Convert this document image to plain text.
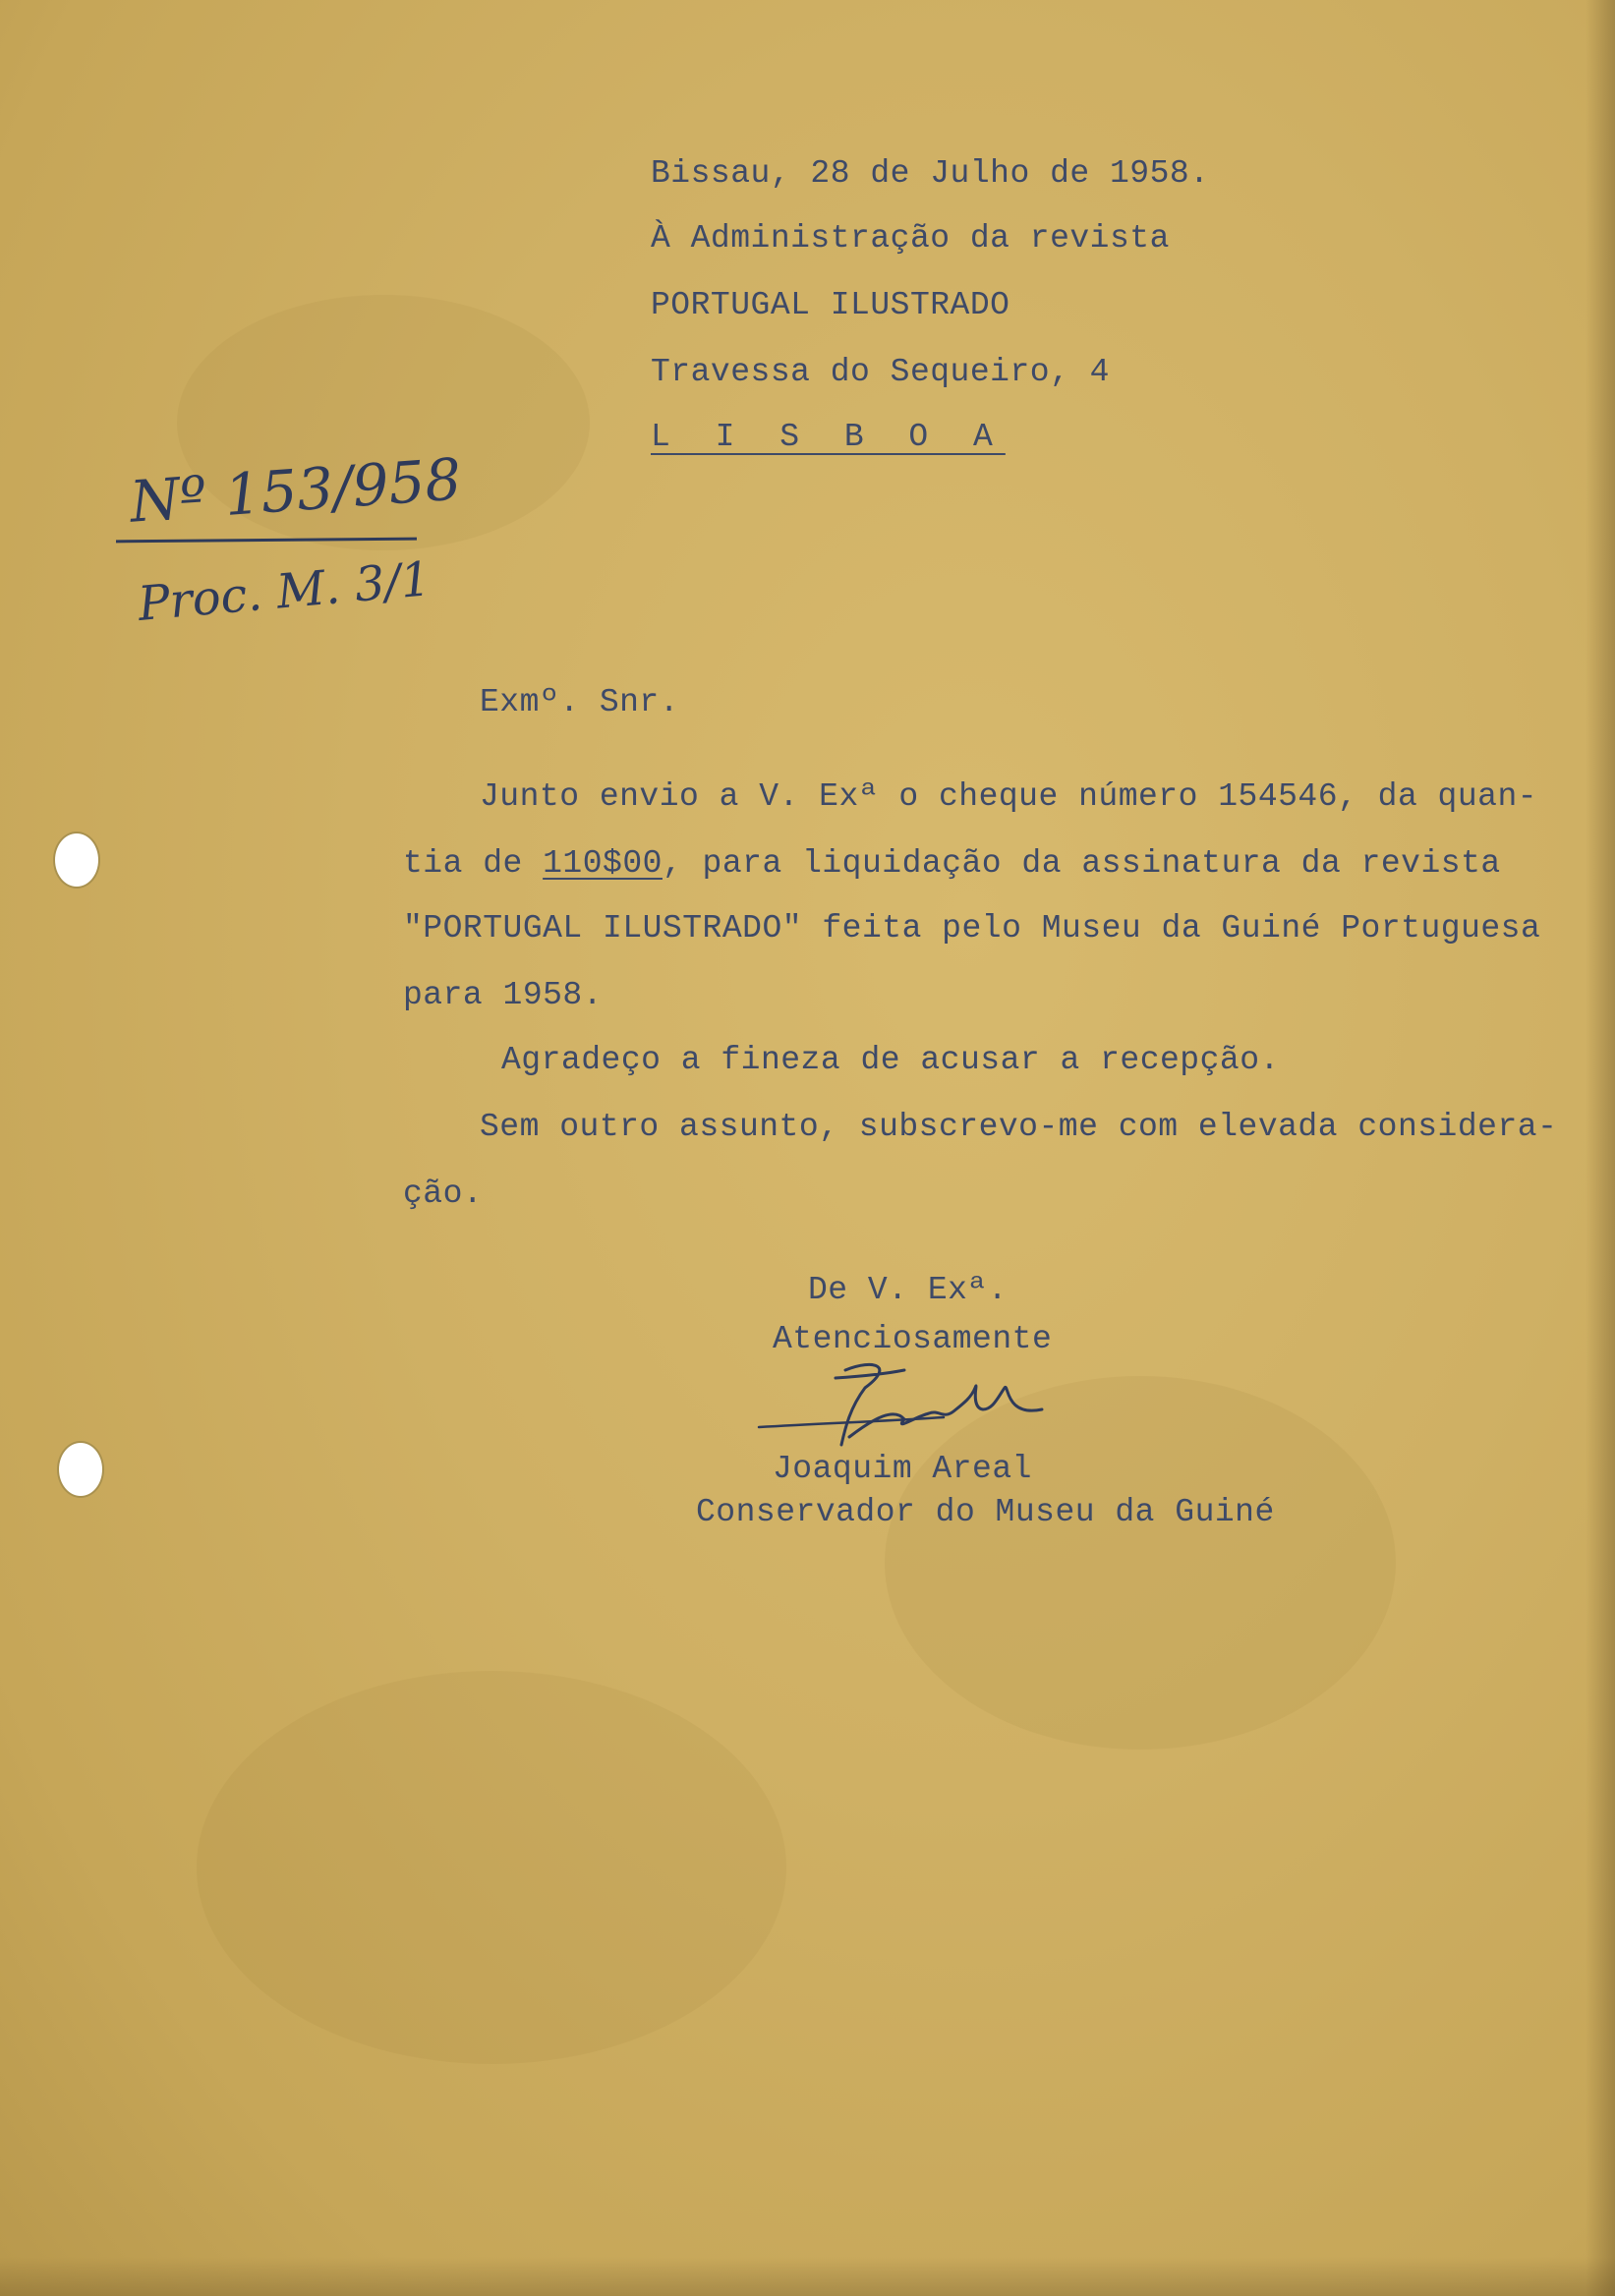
Bissau, 28 de Julho de 1958.
À Administração da revista
PORTUGAL ILUSTRADO
Travessa do Sequeiro, 4
L I S B O A
Nº 153/958
Proc. M. 3/1
Exmº. Snr.
Junto envio a V. Exª o cheque número 154546, da quan-
tia de 110$00, para liquidação da assinatura da revista
"PORTUGAL ILUSTRADO" feita pelo Museu da Guiné Portuguesa
para 1958.
Agradeço a fineza de acusar a recepção.
Sem outro assunto, subscrevo-me com elevada considera-
ção.
De V. Exª.
Atenciosamente
Joaquim Areal
Conservador do Museu da Guiné
